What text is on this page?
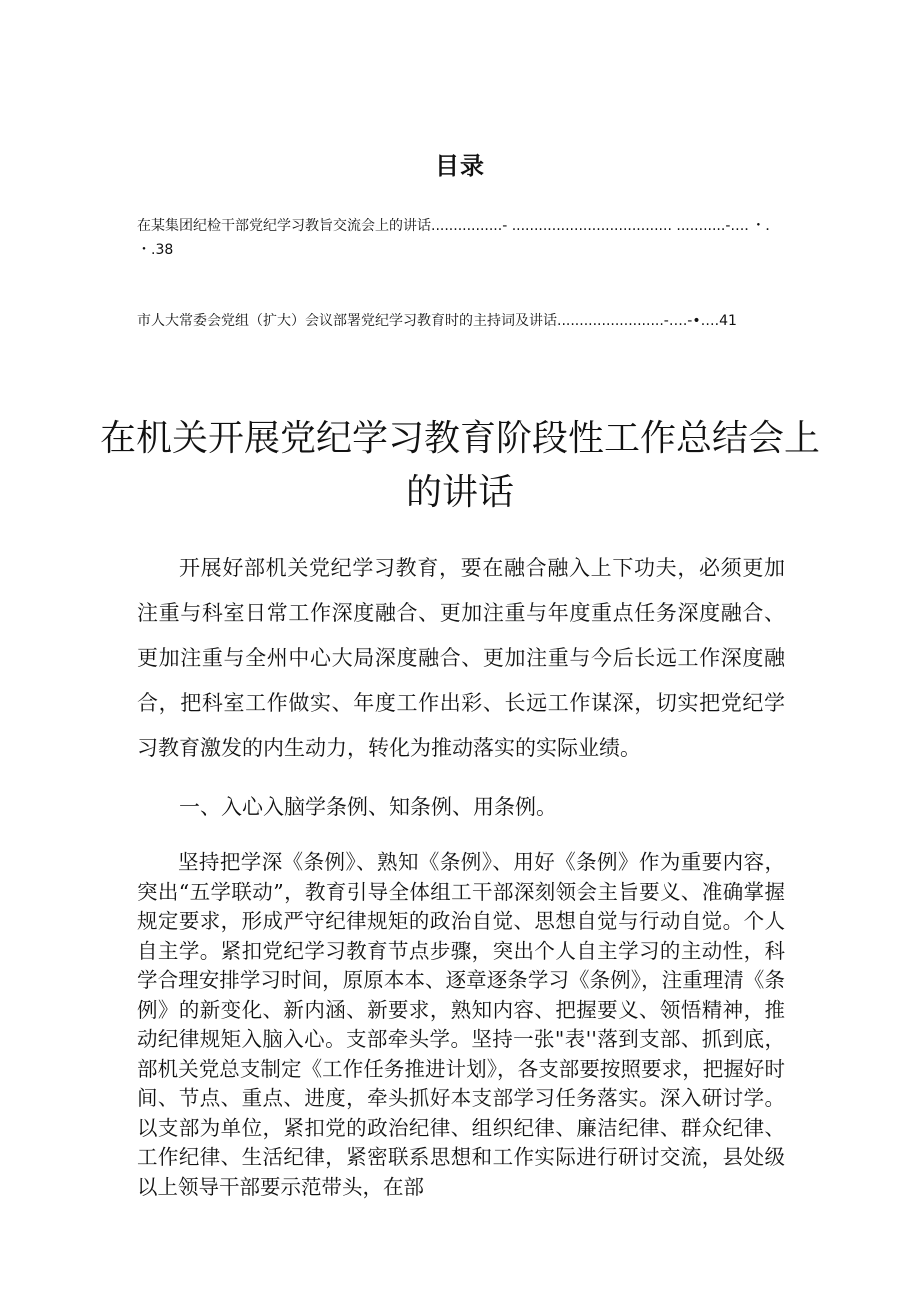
目录
在某集团纪检干部党纪学习教旨交流会上的讲话................- .................................... ...........-…．・．
・.38
市人大常委会党组（扩大）会议部署党纪学习教育时的主持词及讲话........................-….-•….41
在机关开展党纪学习教育阶段性工作总结会上的讲话
开展好部机关党纪学习教育，要在融合融入上下功夫，必须更加注重与科室日常工作深度融合、更加注重与年度重点任务深度融合、更加注重与全州中心大局深度融合、更加注重与今后长远工作深度融合，把科室工作做实、年度工作出彩、长远工作谋深，切实把党纪学习教育激发的内生动力，转化为推动落实的实际业绩。
一、入心入脑学条例、知条例、用条例。
坚持把学深《条例》、熟知《条例》、用好《条例》作为重要内容，突出“五学联动”，教育引导全体组工干部深刻领会主旨要义、准确掌握规定要求，形成严守纪律规矩的政治自觉、思想自觉与行动自觉。个人自主学。紧扣党纪学习教育节点步骤，突出个人自主学习的主动性，科学合理安排学习时间，原原本本、逐章逐条学习《条例》，注重理清《条例》的新变化、新内涵、新要求，熟知内容、把握要义、领悟精神，推动纪律规矩入脑入心。支部牵头学。坚持一张"表''落到支部、抓到底，部机关党总支制定《工作任务推进计划》，各支部要按照要求，把握好时间、节点、重点、进度，牵头抓好本支部学习任务落实。深入研讨学。以支部为单位，紧扣党的政治纪律、组织纪律、廉洁纪律、群众纪律、工作纪律、生活纪律，紧密联系思想和工作实际进行研讨交流，县处级以上领导干部要示范带头，在部
